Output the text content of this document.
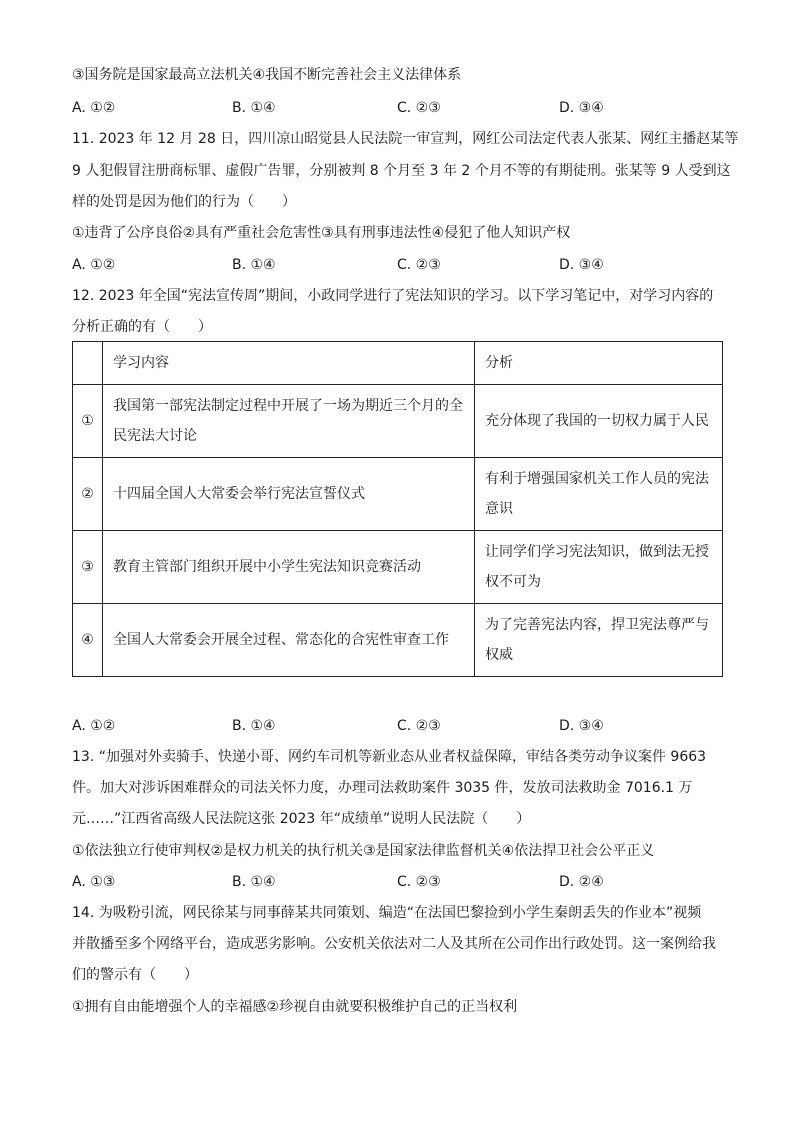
③国务院是国家最高立法机关④我国不断完善社会主义法律体系
A. ①②	B. ①④	C. ②③	D. ③④
11. 2023 年 12 月 28 日，四川凉山昭觉县人民法院一审宣判，网红公司法定代表人张某、网红主播赵某等
9 人犯假冒注册商标罪、虚假广告罪，分别被判 8 个月至 3 年 2 个月不等的有期徒刑。张某等 9 人受到这
样的处罚是因为他们的行为（　　）
①违背了公序良俗②具有严重社会危害性③具有刑事违法性④侵犯了他人知识产权
A. ①②	B. ①④	C. ②③	D. ③④
12. 2023 年全国“宪法宣传周”期间，小政同学进行了宪法知识的学习。以下学习笔记中，对学习内容的
分析正确的有（　　）
	学习内容	分析
①	我国第一部宪法制定过程中开展了一场为期近三个月的全民宪法大讨论	充分体现了我国的一切权力属于人民
②	十四届全国人大常委会举行宪法宣誓仪式	有利于增强国家机关工作人员的宪法意识
③	教育主管部门组织开展中小学生宪法知识竞赛活动	让同学们学习宪法知识，做到法无授权不可为
④	全国人大常委会开展全过程、常态化的合宪性审查工作	为了完善宪法内容，捍卫宪法尊严与权威
A. ①②	B. ①④	C. ②③	D. ③④
13. “加强对外卖骑手、快递小哥、网约车司机等新业态从业者权益保障，审结各类劳动争议案件 9663
件。加大对涉诉困难群众的司法关怀力度，办理司法救助案件 3035 件，发放司法救助金 7016.1 万
元……”江西省高级人民法院这张 2023 年“成绩单”说明人民法院（　　）
①依法独立行使审判权②是权力机关的执行机关③是国家法律监督机关④依法捍卫社会公平正义
A. ①③	B. ①④	C. ②③	D. ②④
14. 为吸粉引流，网民徐某与同事薛某共同策划、编造“在法国巴黎捡到小学生秦朗丢失的作业本”视频
并散播至多个网络平台，造成恶劣影响。公安机关依法对二人及其所在公司作出行政处罚。这一案例给我
们的警示有（　　）
①拥有自由能增强个人的幸福感②珍视自由就要积极维护自己的正当权利
